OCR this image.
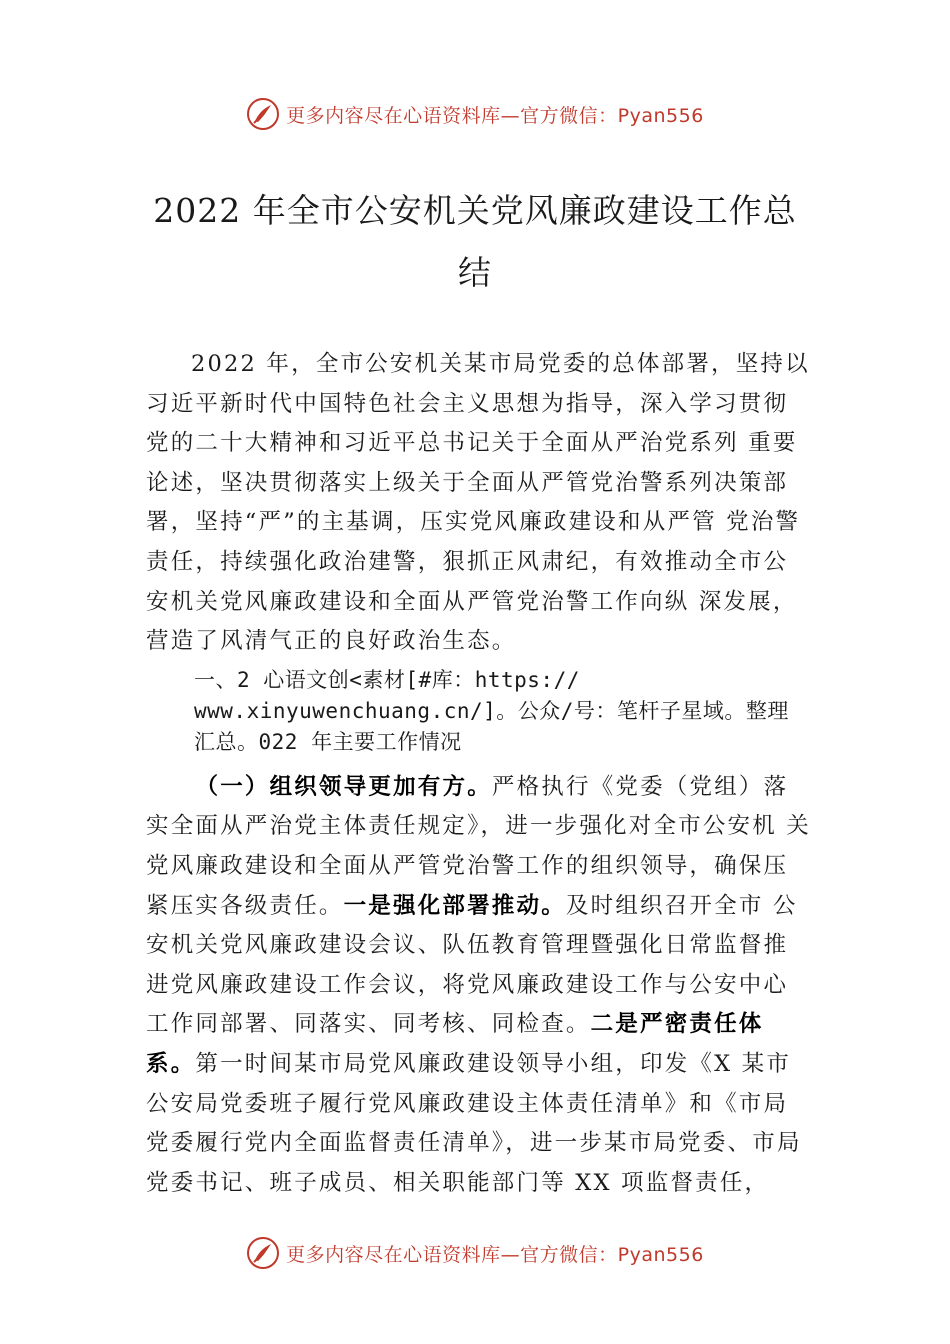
更多内容尽在心语资料库—官方微信：Pyan556
2022 年全市公安机关党风廉政建设工作总
结

2022 年，全市公安机关某市局党委的总体部署，坚持以习近平新时代中国特色社会主义思想为指导，深入学习贯彻党的二十大精神和习近平总书记关于全面从严治党系列 重要论述，坚决贯彻落实上级关于全面从严管党治警系列决策部署，坚持“严”的主基调，压实党风廉政建设和从严管 党治警责任，持续强化政治建警，狠抓正风肃纪，有效推动全市公安机关党风廉政建设和全面从严管党治警工作向纵 深发展，营造了风清气正的良好政治生态。

一、2 心语文创<素材[#库：https://
www.xinyuwenchuang.cn/]。公众/号：笔杆子星域。整理
汇总。022 年主要工作情况

（一）组织领导更加有方。严格执行《党委（党组）落实全面从严治党主体责任规定》，进一步强化对全市公安机 关党风廉政建设和全面从严管党治警工作的组织领导，确保压紧压实各级责任。一是强化部署推动。及时组织召开全市 公安机关党风廉政建设会议、队伍教育管理暨强化日常监督推进党风廉政建设工作会议，将党风廉政建设工作与公安中心工作同部署、同落实、同考核、同检查。二是严密责任体系。第一时间某市局党风廉政建设领导小组，印发《X 某市公安局党委班子履行党风廉政建设主体责任清单》和《市局党委履行党内全面监督责任清单》，进一步某市局党委、市局党委书记、班子成员、相关职能部门等 XX 项监督责任，

更多内容尽在心语资料库—官方微信：Pyan556
